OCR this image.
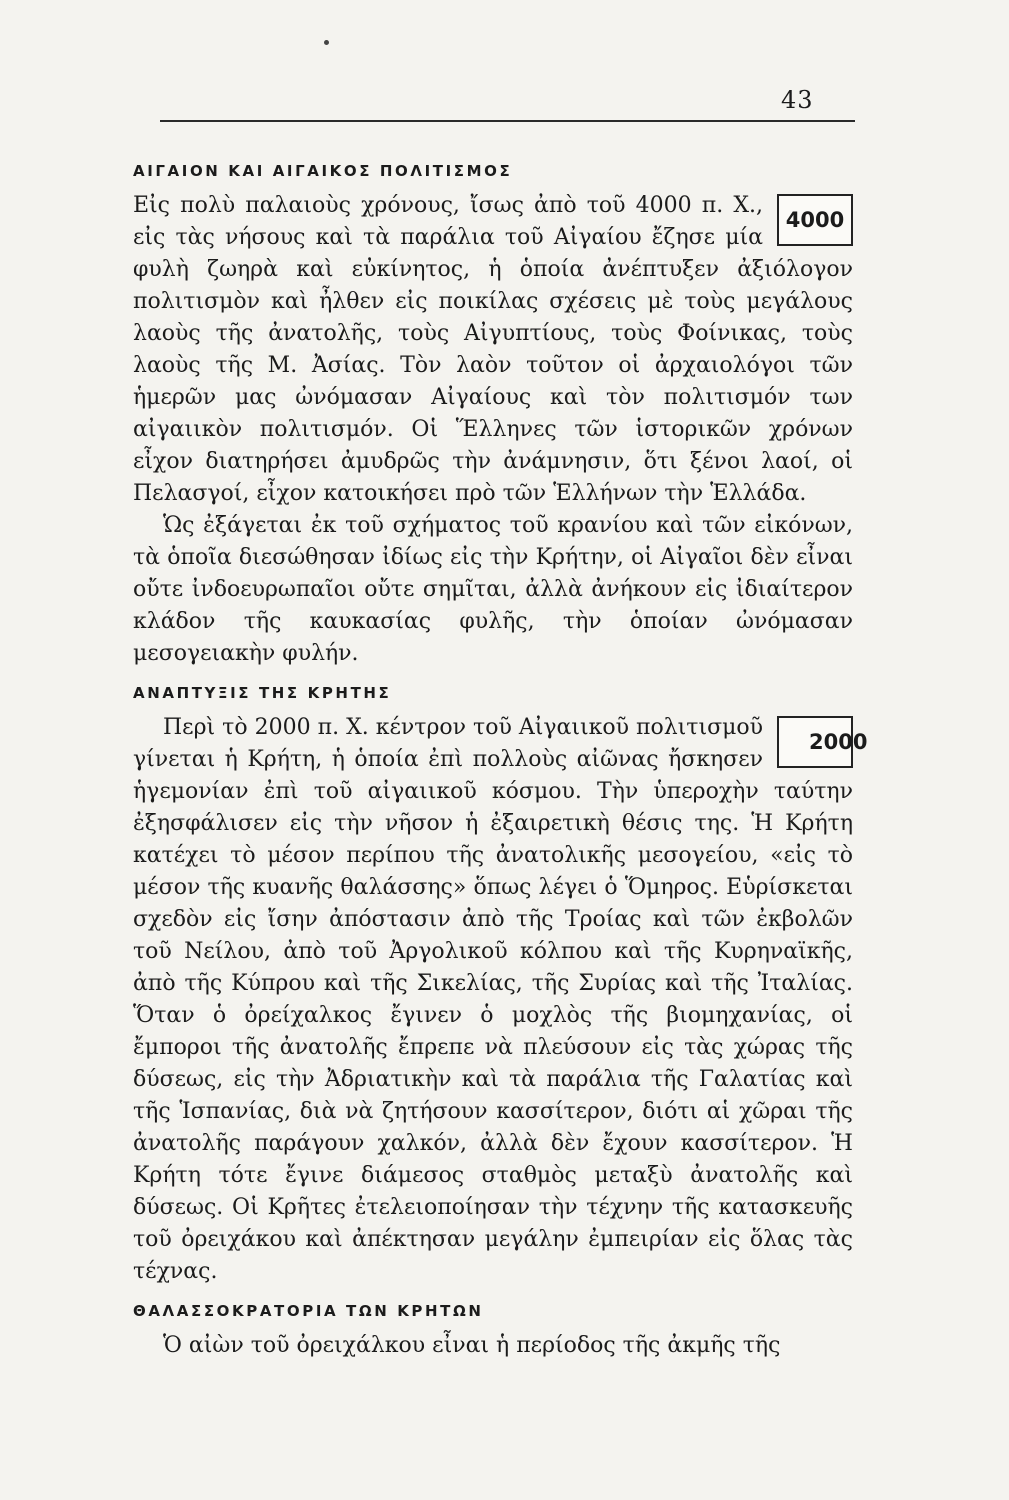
43
ΑΙΓΑΙΟΝ ΚΑΙ ΑΙΓΑΙΚΟΣ ΠΟΛΙΤΙΣΜΟΣ

4000
Εἰς πολὺ παλαιοὺς χρόνους, ἴσως ἀπὸ τοῦ 4000 π. Χ., εἰς τὰς νήσους καὶ τὰ παράλια τοῦ Αἰγαίου ἔζησε μία φυλὴ ζωηρὰ καὶ εὐκίνητος, ἡ ὁποία ἀνέπτυξεν ἀξιόλογον πολιτισμὸν καὶ ἦλθεν εἰς ποικίλας σχέσεις μὲ τοὺς μεγάλους λαοὺς τῆς ἀνατολῆς, τοὺς Αἰγυπτίους, τοὺς Φοίνικας, τοὺς λαοὺς τῆς Μ. Ἀσίας. Τὸν λαὸν τοῦτον οἱ ἀρχαιολόγοι τῶν ἡμερῶν μας ὠνόμασαν Αἰγαίους καὶ τὸν πολιτισμόν των αἰγαιικὸν πολιτισμόν. Οἱ Ἕλληνες τῶν ἱστορικῶν χρόνων εἶχον διατηρήσει ἀμυδρῶς τὴν ἀνάμνησιν, ὅτι ξένοι λαοί, οἱ Πελασγοί, εἶχον κατοικήσει πρὸ τῶν Ἑλλήνων τὴν Ἑλλάδα.

Ὡς ἐξάγεται ἐκ τοῦ σχήματος τοῦ κρανίου καὶ τῶν εἰκόνων, τὰ ὁποῖα διεσώθησαν ἰδίως εἰς τὴν Κρήτην, οἱ Αἰγαῖοι δὲν εἶναι οὔτε ἰνδοευρωπαῖοι οὔτε σημῖται, ἀλλὰ ἀνήκουν εἰς ἰδιαίτερον κλάδον τῆς καυκασίας φυλῆς, τὴν ὁποίαν ὠνόμασαν μεσογειακὴν φυλήν.

ΑΝΑΠΤΥΞΙΣ ΤΗΣ ΚΡΗΤΗΣ

2000
Περὶ τὸ 2000 π. Χ. κέντρον τοῦ Αἰγαιικοῦ πολιτισμοῦ γίνεται ἡ Κρήτη, ἡ ὁποία ἐπὶ πολλοὺς αἰῶνας ἤσκησεν ἡγεμονίαν ἐπὶ τοῦ αἰγαιικοῦ κόσμου. Τὴν ὑπεροχὴν ταύτην ἐξησφάλισεν εἰς τὴν νῆσον ἡ ἐξαιρετικὴ θέσις της. Ἡ Κρήτη κατέχει τὸ μέσον περίπου τῆς ἀνατολικῆς μεσογείου, «εἰς τὸ μέσον τῆς κυανῆς θαλάσσης» ὅπως λέγει ὁ Ὅμηρος. Εὑρίσκεται σχεδὸν εἰς ἴσην ἀπόστασιν ἀπὸ τῆς Τροίας καὶ τῶν ἐκβολῶν τοῦ Νείλου, ἀπὸ τοῦ Ἀργολικοῦ κόλπου καὶ τῆς Κυρηναϊκῆς, ἀπὸ τῆς Κύπρου καὶ τῆς Σικελίας, τῆς Συρίας καὶ τῆς Ἰταλίας. Ὅταν ὁ ὀρείχαλκος ἔγινεν ὁ μοχλὸς τῆς βιομηχανίας, οἱ ἔμποροι τῆς ἀνατολῆς ἔπρεπε νὰ πλεύσουν εἰς τὰς χώρας τῆς δύσεως, εἰς τὴν Ἀδριατικὴν καὶ τὰ παράλια τῆς Γαλατίας καὶ τῆς Ἱσπανίας, διὰ νὰ ζητήσουν κασσίτερον, διότι αἱ χῶραι τῆς ἀνατολῆς παράγουν χαλκόν, ἀλλὰ δὲν ἔχουν κασσίτερον. Ἡ Κρήτη τότε ἔγινε διάμεσος σταθμὸς μεταξὺ ἀνατολῆς καὶ δύσεως. Οἱ Κρῆτες ἐτελειοποίησαν τὴν τέχνην τῆς κατασκευῆς τοῦ ὀρειχάκου καὶ ἀπέκτησαν μεγάλην ἐμπειρίαν εἰς ὅλας τὰς τέχνας.

ΘΑΛΑΣΣΟΚΡΑΤΟΡΙΑ ΤΩΝ ΚΡΗΤΩΝ

Ὁ αἰὼν τοῦ ὀρειχάλκου εἶναι ἡ περίοδος τῆς ἀκμῆς τῆς
